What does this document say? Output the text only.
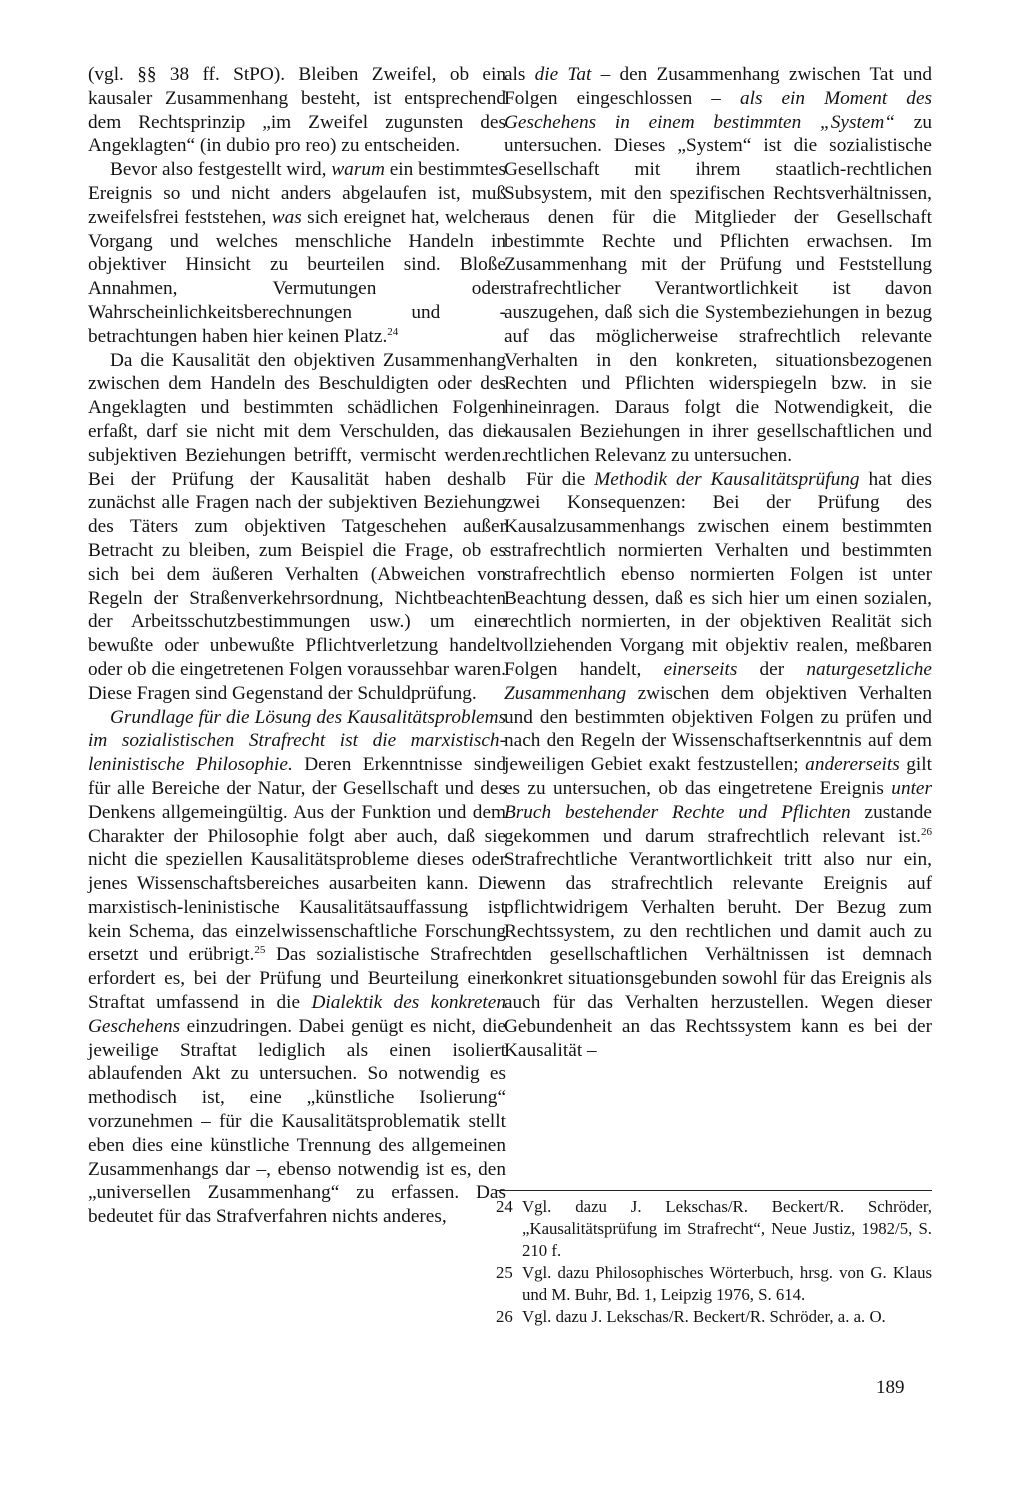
(vgl. §§ 38 ff. StPO). Bleiben Zweifel, ob ein kausaler Zusammenhang besteht, ist entsprechend dem Rechtsprinzip „im Zweifel zugunsten des Angeklagten“ (in dubio pro reo) zu entscheiden.

Bevor also festgestellt wird, warum ein bestimmtes Ereignis so und nicht anders abgelaufen ist, muß zweifelsfrei feststehen, was sich ereignet hat, welcher Vorgang und welches menschliche Handeln in objektiver Hinsicht zu beurteilen sind. Bloße Annahmen, Vermutungen oder Wahrscheinlichkeitsberechnungen und -betrachtungen haben hier keinen Platz.$^{24}$

Da die Kausalität den objektiven Zusammenhang zwischen dem Handeln des Beschuldigten oder des Angeklagten und bestimmten schädlichen Folgen erfaßt, darf sie nicht mit dem Verschulden, das die subjektiven Beziehungen betrifft, vermischt werden. Bei der Prüfung der Kausalität haben deshalb zunächst alle Fragen nach der subjektiven Beziehung des Täters zum objektiven Tatgeschehen außer Betracht zu bleiben, zum Beispiel die Frage, ob es sich bei dem äußeren Verhalten (Abweichen von Regeln der Straßenverkehrsordnung, Nichtbeachten der Arbeitsschutzbestimmungen usw.) um eine bewußte oder unbewußte Pflichtverletzung handelt oder ob die eingetretenen Folgen voraussehbar waren. Diese Fragen sind Gegenstand der Schuldprüfung.

Grundlage für die Lösung des Kausalitätsproblems im sozialistischen Strafrecht ist die marxistisch-leninistische Philosophie. Deren Erkenntnisse sind für alle Bereiche der Natur, der Gesellschaft und des Denkens allgemeingültig. Aus der Funktion und dem Charakter der Philosophie folgt aber auch, daß sie nicht die speziellen Kausalitätsprobleme dieses oder jenes Wissenschaftsbereiches ausarbeiten kann. Die marxistisch-leninistische Kausalitätsauffassung ist kein Schema, das einzelwissenschaftliche Forschung ersetzt und erübrigt.$^{25}$ Das sozialistische Strafrecht erfordert es, bei der Prüfung und Beurteilung einer Straftat umfassend in die Dialektik des konkreten Geschehens einzudringen. Dabei genügt es nicht, die jeweilige Straftat lediglich als einen isoliert ablaufenden Akt zu untersuchen. So notwendig es methodisch ist, eine „künstliche Isolierung“ vorzunehmen – für die Kausalitätsproblematik stellt eben dies eine künstliche Trennung des allgemeinen Zusammenhangs dar –, ebenso notwendig ist es, den „universellen Zusammenhang“ zu erfassen. Das bedeutet für das Strafverfahren nichts anderes,

als die Tat – den Zusammenhang zwischen Tat und Folgen eingeschlossen – als ein Moment des Geschehens in einem bestimmten „System“ zu untersuchen. Dieses „System“ ist die sozialistische Gesellschaft mit ihrem staatlich-rechtlichen Subsystem, mit den spezifischen Rechtsverhältnissen, aus denen für die Mitglieder der Gesellschaft bestimmte Rechte und Pflichten erwachsen. Im Zusammenhang mit der Prüfung und Feststellung strafrechtlicher Verantwortlichkeit ist davon auszugehen, daß sich die Systembeziehungen in bezug auf das möglicherweise strafrechtlich relevante Verhalten in den konkreten, situationsbezogenen Rechten und Pflichten widerspiegeln bzw. in sie hineinragen. Daraus folgt die Notwendigkeit, die kausalen Beziehungen in ihrer gesellschaftlichen und rechtlichen Relevanz zu untersuchen.

Für die Methodik der Kausalitätsprüfung hat dies zwei Konsequenzen: Bei der Prüfung des Kausalzusammenhangs zwischen einem bestimmten strafrechtlich normierten Verhalten und bestimmten strafrechtlich ebenso normierten Folgen ist unter Beachtung dessen, daß es sich hier um einen sozialen, rechtlich normierten, in der objektiven Realität sich vollziehenden Vorgang mit objektiv realen, meßbaren Folgen handelt, einerseits der naturgesetzliche Zusammenhang zwischen dem objektiven Verhalten und den bestimmten objektiven Folgen zu prüfen und nach den Regeln der Wissenschaftserkenntnis auf dem jeweiligen Gebiet exakt festzustellen; andererseits gilt es zu untersuchen, ob das eingetretene Ereignis unter Bruch bestehender Rechte und Pflichten zustande gekommen und darum strafrechtlich relevant ist.$^{26}$ Strafrechtliche Verantwortlichkeit tritt also nur ein, wenn das strafrechtlich relevante Ereignis auf pflichtwidrigem Verhalten beruht. Der Bezug zum Rechtssystem, zu den rechtlichen und damit auch zu den gesellschaftlichen Verhältnissen ist demnach konkret situationsgebunden sowohl für das Ereignis als auch für das Verhalten herzustellen. Wegen dieser Gebundenheit an das Rechtssystem kann es bei der Kausalität –

24 Vgl. dazu J. Lekschas/R. Beckert/R. Schröder, „Kausalitätsprüfung im Strafrecht“, Neue Justiz, 1982/5, S. 210 f.
25 Vgl. dazu Philosophisches Wörterbuch, hrsg. von G. Klaus und M. Buhr, Bd. 1, Leipzig 1976, S. 614.
26 Vgl. dazu J. Lekschas/R. Beckert/R. Schröder, a. a. O.
189
